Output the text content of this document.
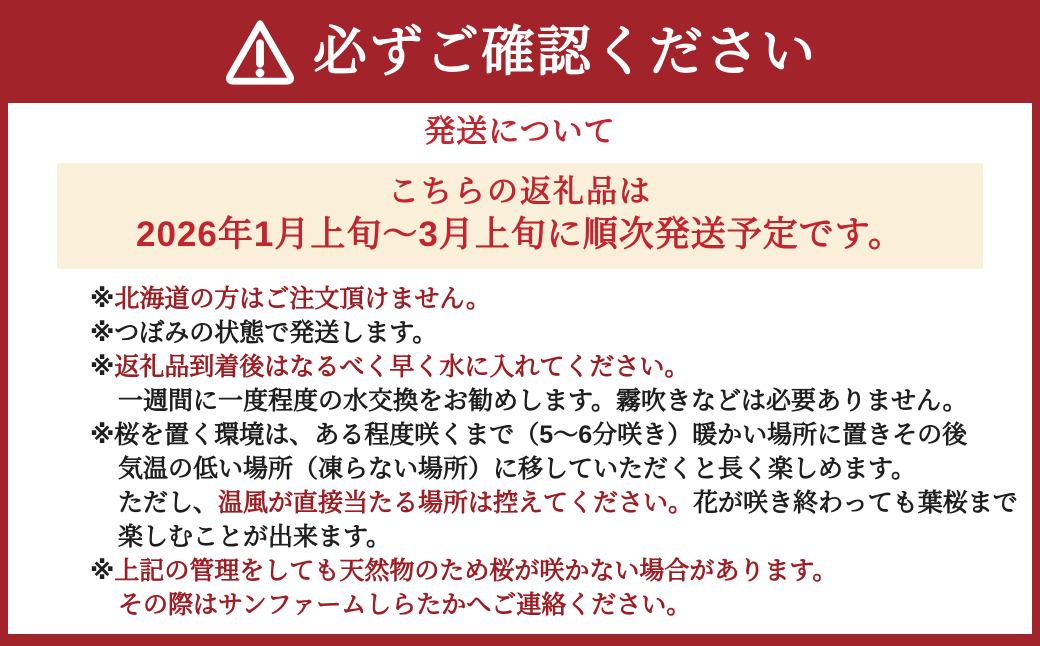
必ずご確認ください
発送について

こちらの返礼品は

2026年1月上旬～3月上旬に順次発送予定です。

※北海道の方はご注文頂けません。
※つぼみの状態で発送します。
※返礼品到着後はなるべく早く水に入れてください。
一週間に一度程度の水交換をお勧めします。霧吹きなどは必要ありません。
※桜を置く環境は、ある程度咲くまで（5～6分咲き）暖かい場所に置きその後
気温の低い場所（凍らない場所）に移していただくと長く楽しめます。
ただし、温風が直接当たる場所は控えてください。花が咲き終わっても葉桜まで
楽しむことが出来ます。
※上記の管理をしても天然物のため桜が咲かない場合があります。
その際はサンファームしらたかへご連絡ください。
